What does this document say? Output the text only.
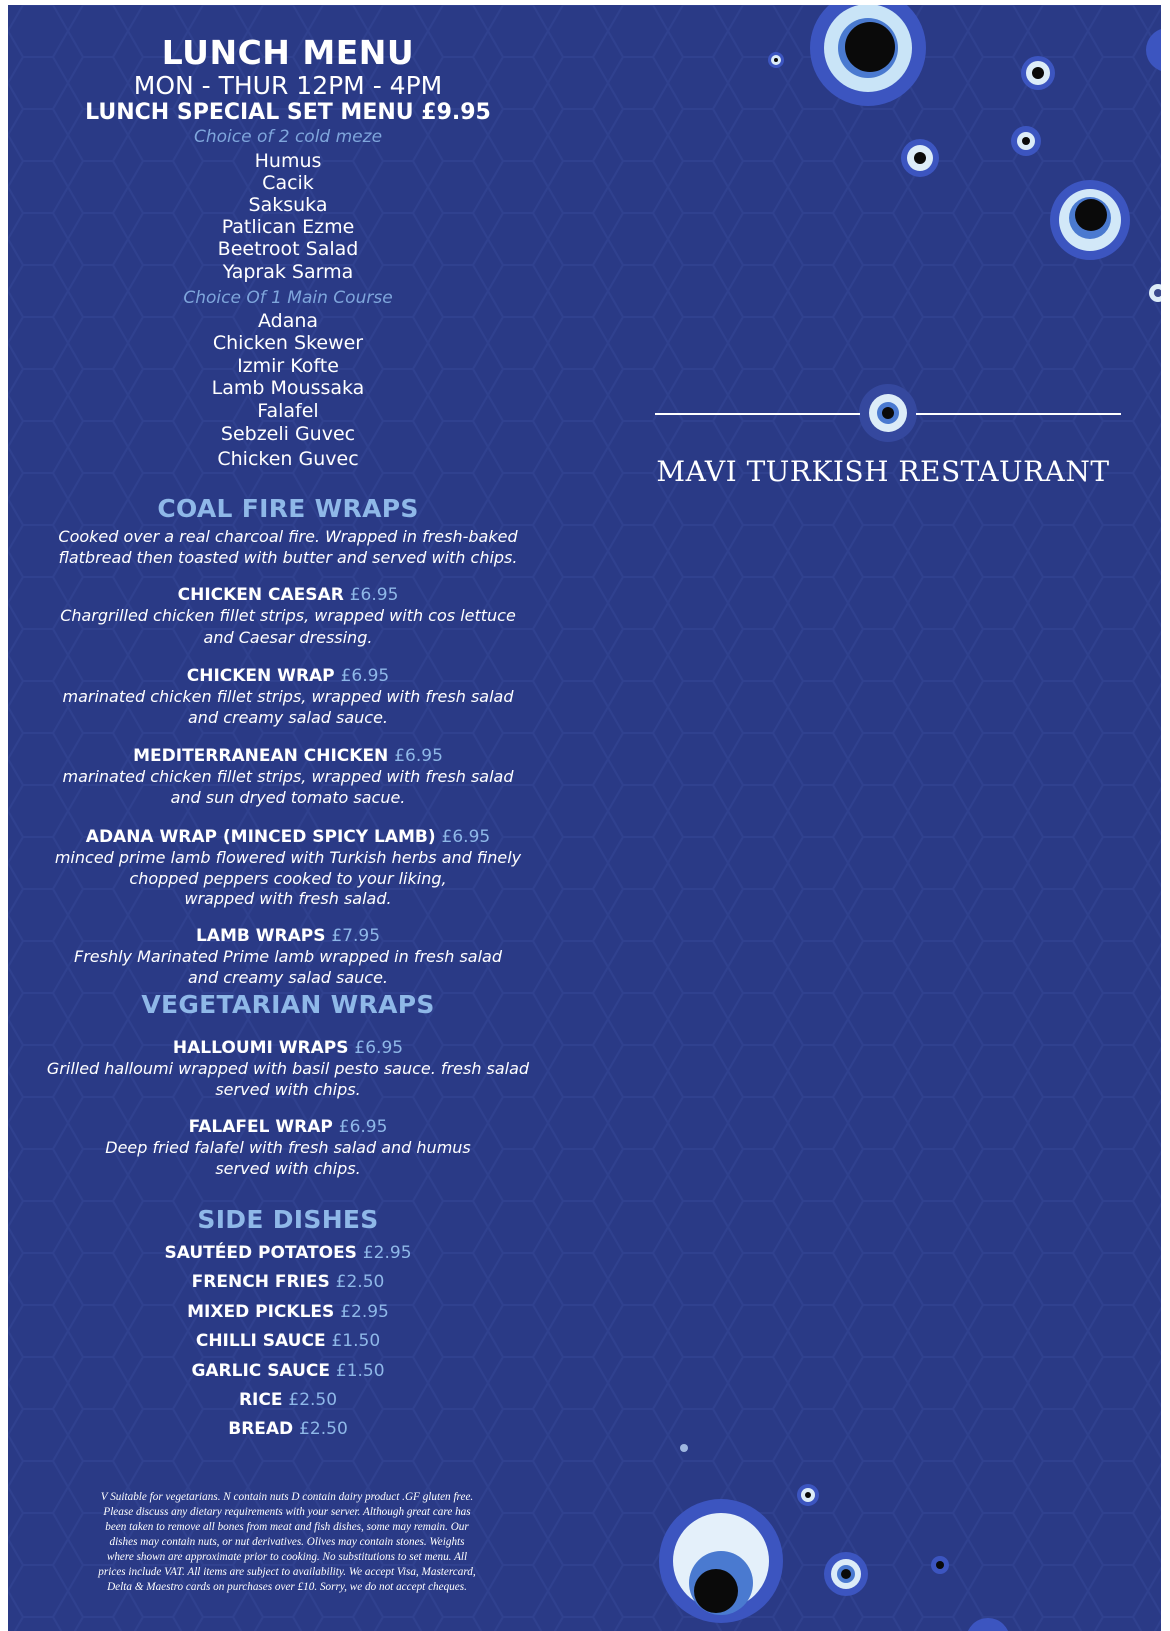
MAVI TURKISH RESTAURANT
LUNCH MENU
MON - THUR 12PM - 4PM
LUNCH SPECIAL SET MENU £9.95
Choice of 2 cold meze
Humus
Cacik
Saksuka
Patlican Ezme
Beetroot Salad
Yaprak Sarma
Choice Of 1 Main Course
Adana
Chicken Skewer
Izmir Kofte
Lamb Moussaka
Falafel
Sebzeli Guvec
Chicken Guvec
COAL FIRE WRAPS
Cooked over a real charcoal fire. Wrapped in fresh-baked
flatbread then toasted with butter and served with chips.
CHICKEN CAESAR £6.95
Chargrilled chicken fillet strips, wrapped with cos lettuce
and Caesar dressing.
CHICKEN WRAP £6.95
marinated chicken fillet strips, wrapped with fresh salad
and creamy salad sauce.
MEDITERRANEAN CHICKEN £6.95
marinated chicken fillet strips, wrapped with fresh salad
and sun dryed tomato sacue.
ADANA WRAP (MINCED SPICY LAMB) £6.95
minced prime lamb flowered with Turkish herbs and finely
chopped peppers cooked to your liking,
wrapped with fresh salad.
LAMB WRAPS £7.95
Freshly Marinated Prime lamb wrapped in fresh salad
and creamy salad sauce.
VEGETARIAN WRAPS
HALLOUMI WRAPS £6.95
Grilled halloumi wrapped with basil pesto sauce. fresh salad
served with chips.
FALAFEL WRAP £6.95
Deep fried falafel with fresh salad and humus
served with chips.
SIDE DISHES
SAUTÉED POTATOES £2.95
FRENCH FRIES £2.50
MIXED PICKLES £2.95
CHILLI SAUCE £1.50
GARLIC SAUCE £1.50
RICE £2.50
BREAD £2.50
V Suitable for vegetarians. N contain nuts D contain dairy product .GF gluten free.
Please discuss any dietary requirements with your server. Although great care has
been taken to remove all bones from meat and fish dishes, some may remain. Our
dishes may contain nuts, or nut derivatives. Olives may contain stones. Weights
where shown are approximate prior to cooking. No substitutions to set menu. All
prices include VAT. All items are subject to availability. We accept Visa, Mastercard,
Delta & Maestro cards on purchases over £10. Sorry, we do not accept cheques.
